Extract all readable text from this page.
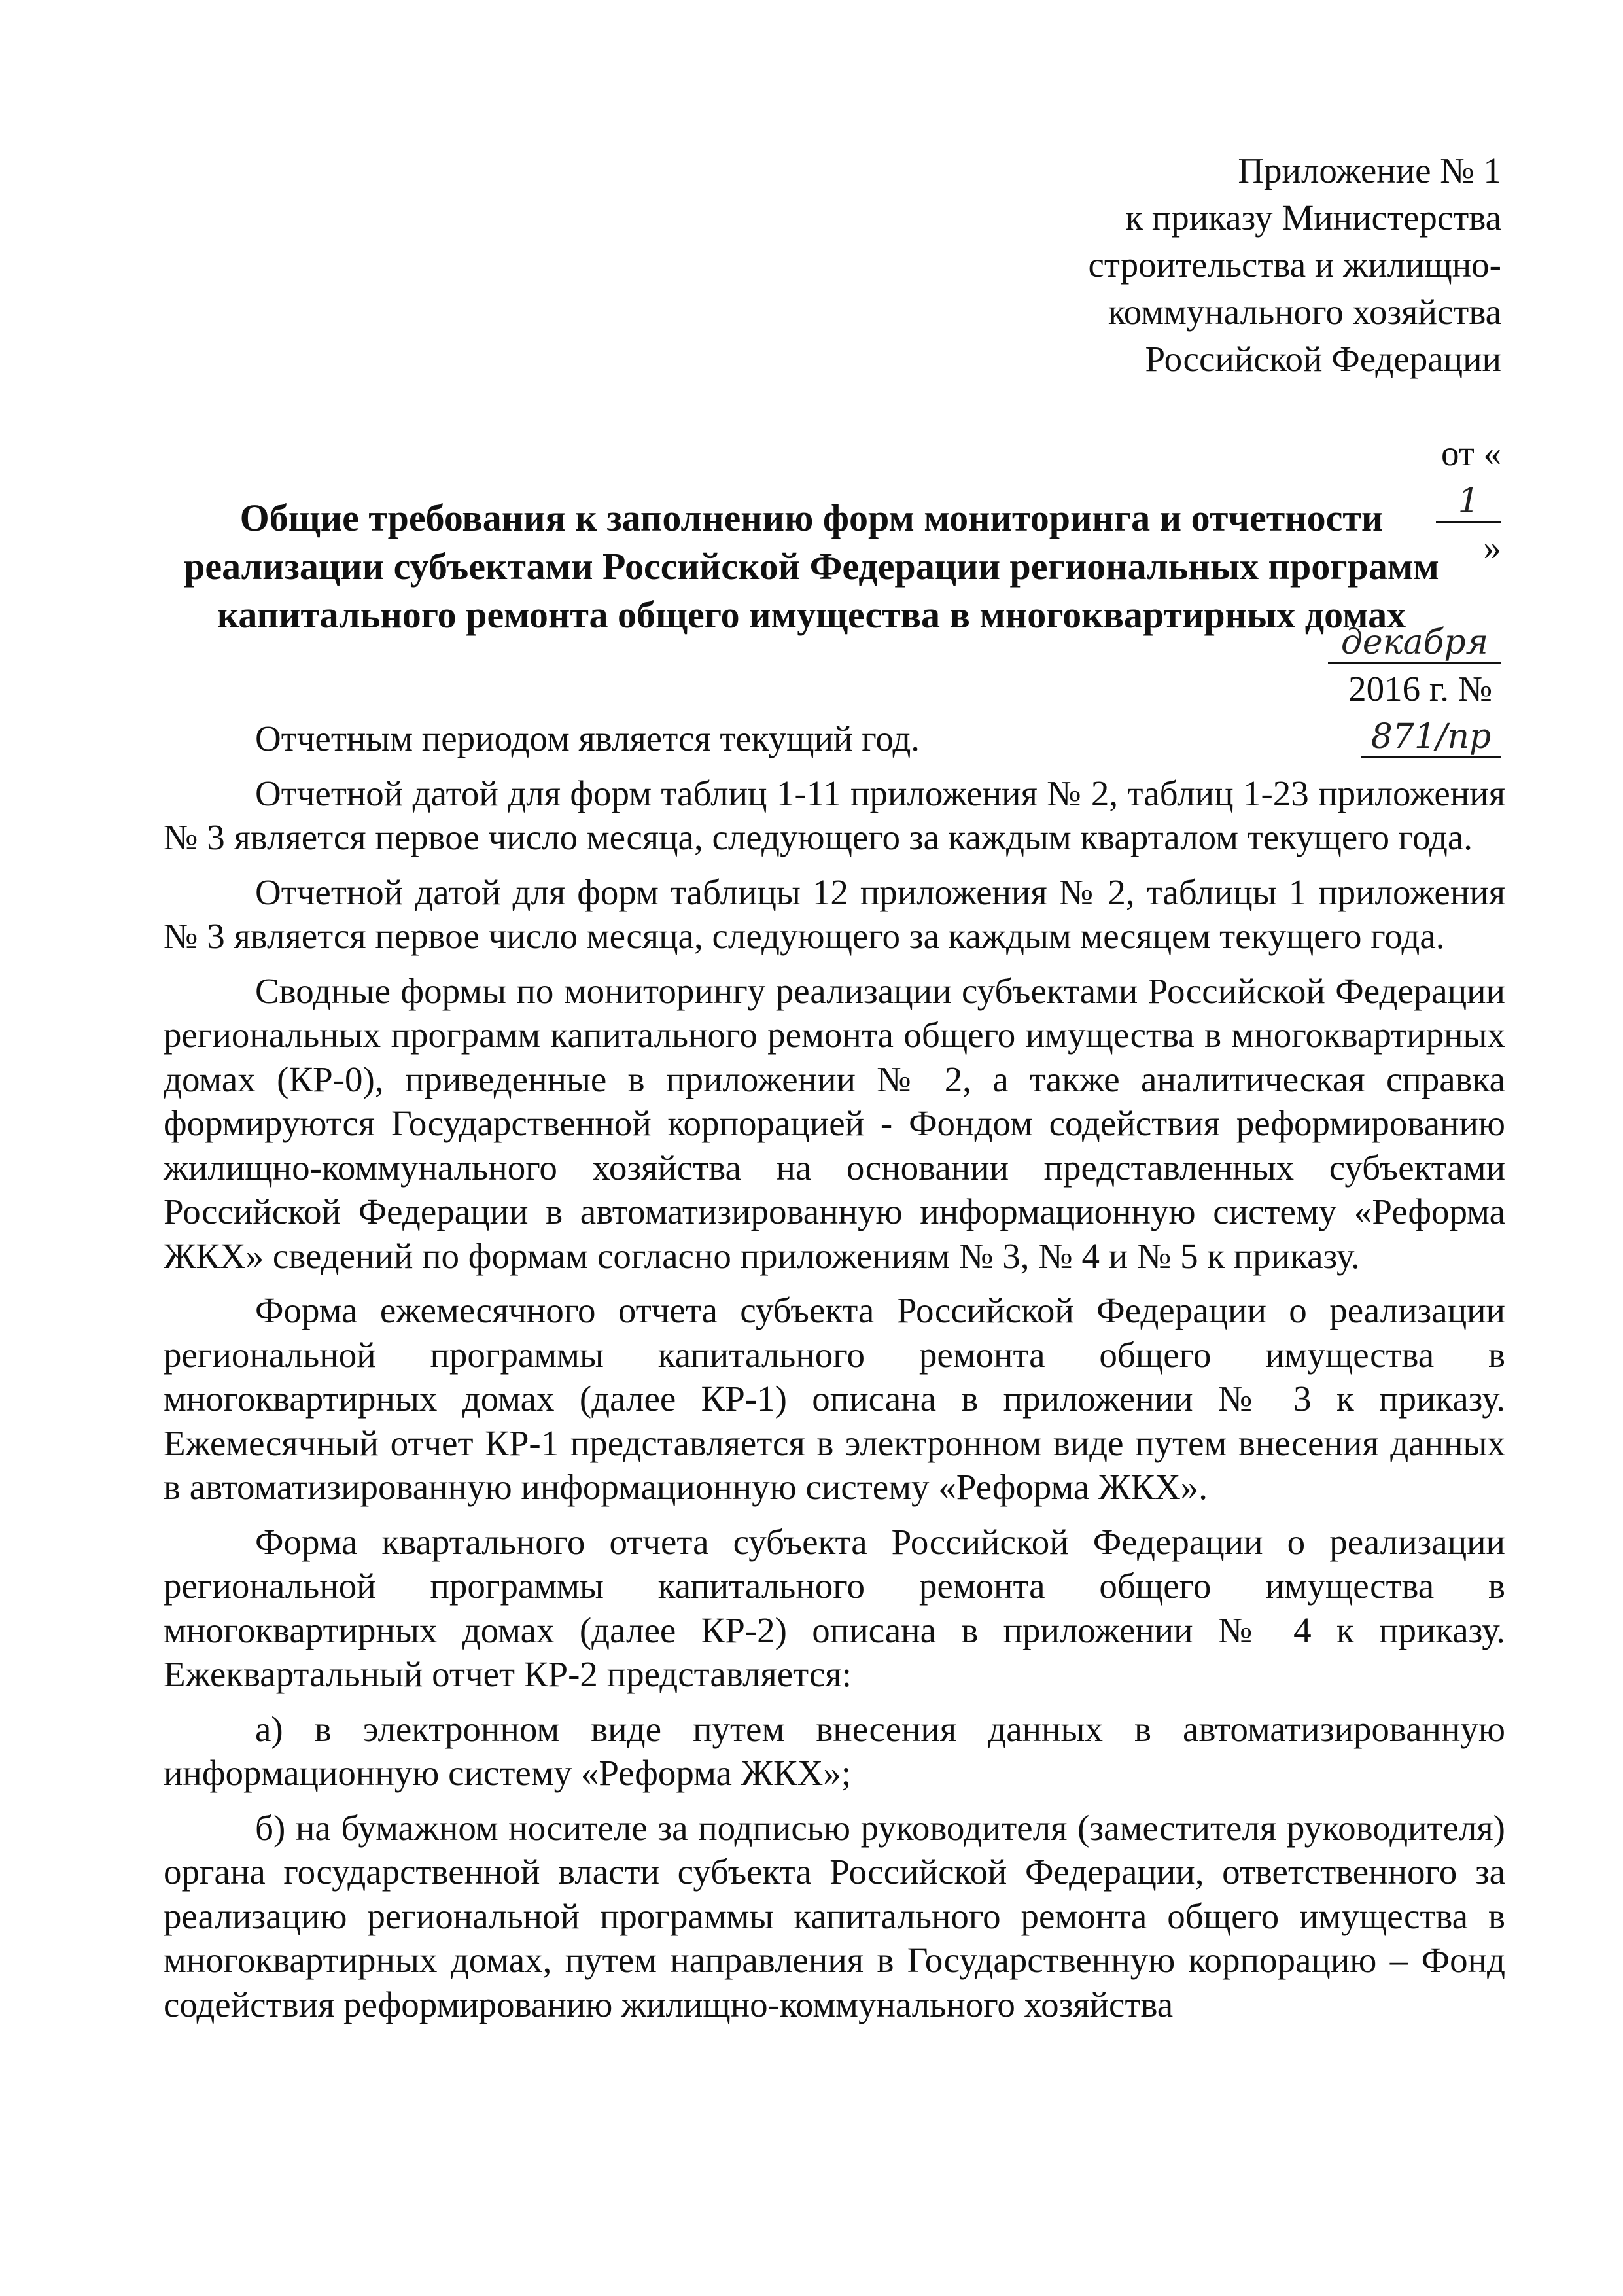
Приложение № 1
к приказу Министерства
строительства и жилищно-
коммунального хозяйства
Российской Федерации

от «
1
»

декабря
2016 г. №
871/пр

Общие требования к заполнению форм мониторинга и отчетности
реализации субъектами Российской Федерации региональных программ
капитального ремонта общего имущества в многоквартирных домах

Отчетным периодом является текущий год.

Отчетной датой для форм таблиц 1-11 приложения № 2, таблиц 1-23 приложения № 3 является первое число месяца, следующего за каждым кварталом текущего года.

Отчетной датой для форм таблицы 12 приложения № 2, таблицы 1 приложения № 3 является первое число месяца, следующего за каждым месяцем текущего года.

Сводные формы по мониторингу реализации субъектами Российской Федерации региональных программ капитального ремонта общего имущества в многоквартирных домах (КР-0), приведенные в приложении № 2, а также аналитическая справка формируются Государственной корпорацией - Фондом содействия реформированию жилищно-коммунального хозяйства на основании представленных субъектами Российской Федерации в автоматизированную информационную систему «Реформа ЖКХ» сведений по формам согласно приложениям № 3, № 4 и № 5 к приказу.

Форма ежемесячного отчета субъекта Российской Федерации о реализации региональной программы капитального ремонта общего имущества в многоквартирных домах (далее КР-1) описана в приложении № 3 к приказу. Ежемесячный отчет КР-1 представляется в электронном виде путем внесения данных в автоматизированную информационную систему «Реформа ЖКХ».

Форма квартального отчета субъекта Российской Федерации о реализации региональной программы капитального ремонта общего имущества в многоквартирных домах (далее КР-2) описана в приложении № 4 к приказу. Ежеквартальный отчет КР-2 представляется:

а) в электронном виде путем внесения данных в автоматизированную информационную систему «Реформа ЖКХ»;

б) на бумажном носителе за подписью руководителя (заместителя руководителя) органа государственной власти субъекта Российской Федерации, ответственного за реализацию региональной программы капитального ремонта общего имущества в многоквартирных домах, путем направления в Государственную корпорацию – Фонд содействия реформированию жилищно-коммунального хозяйства
